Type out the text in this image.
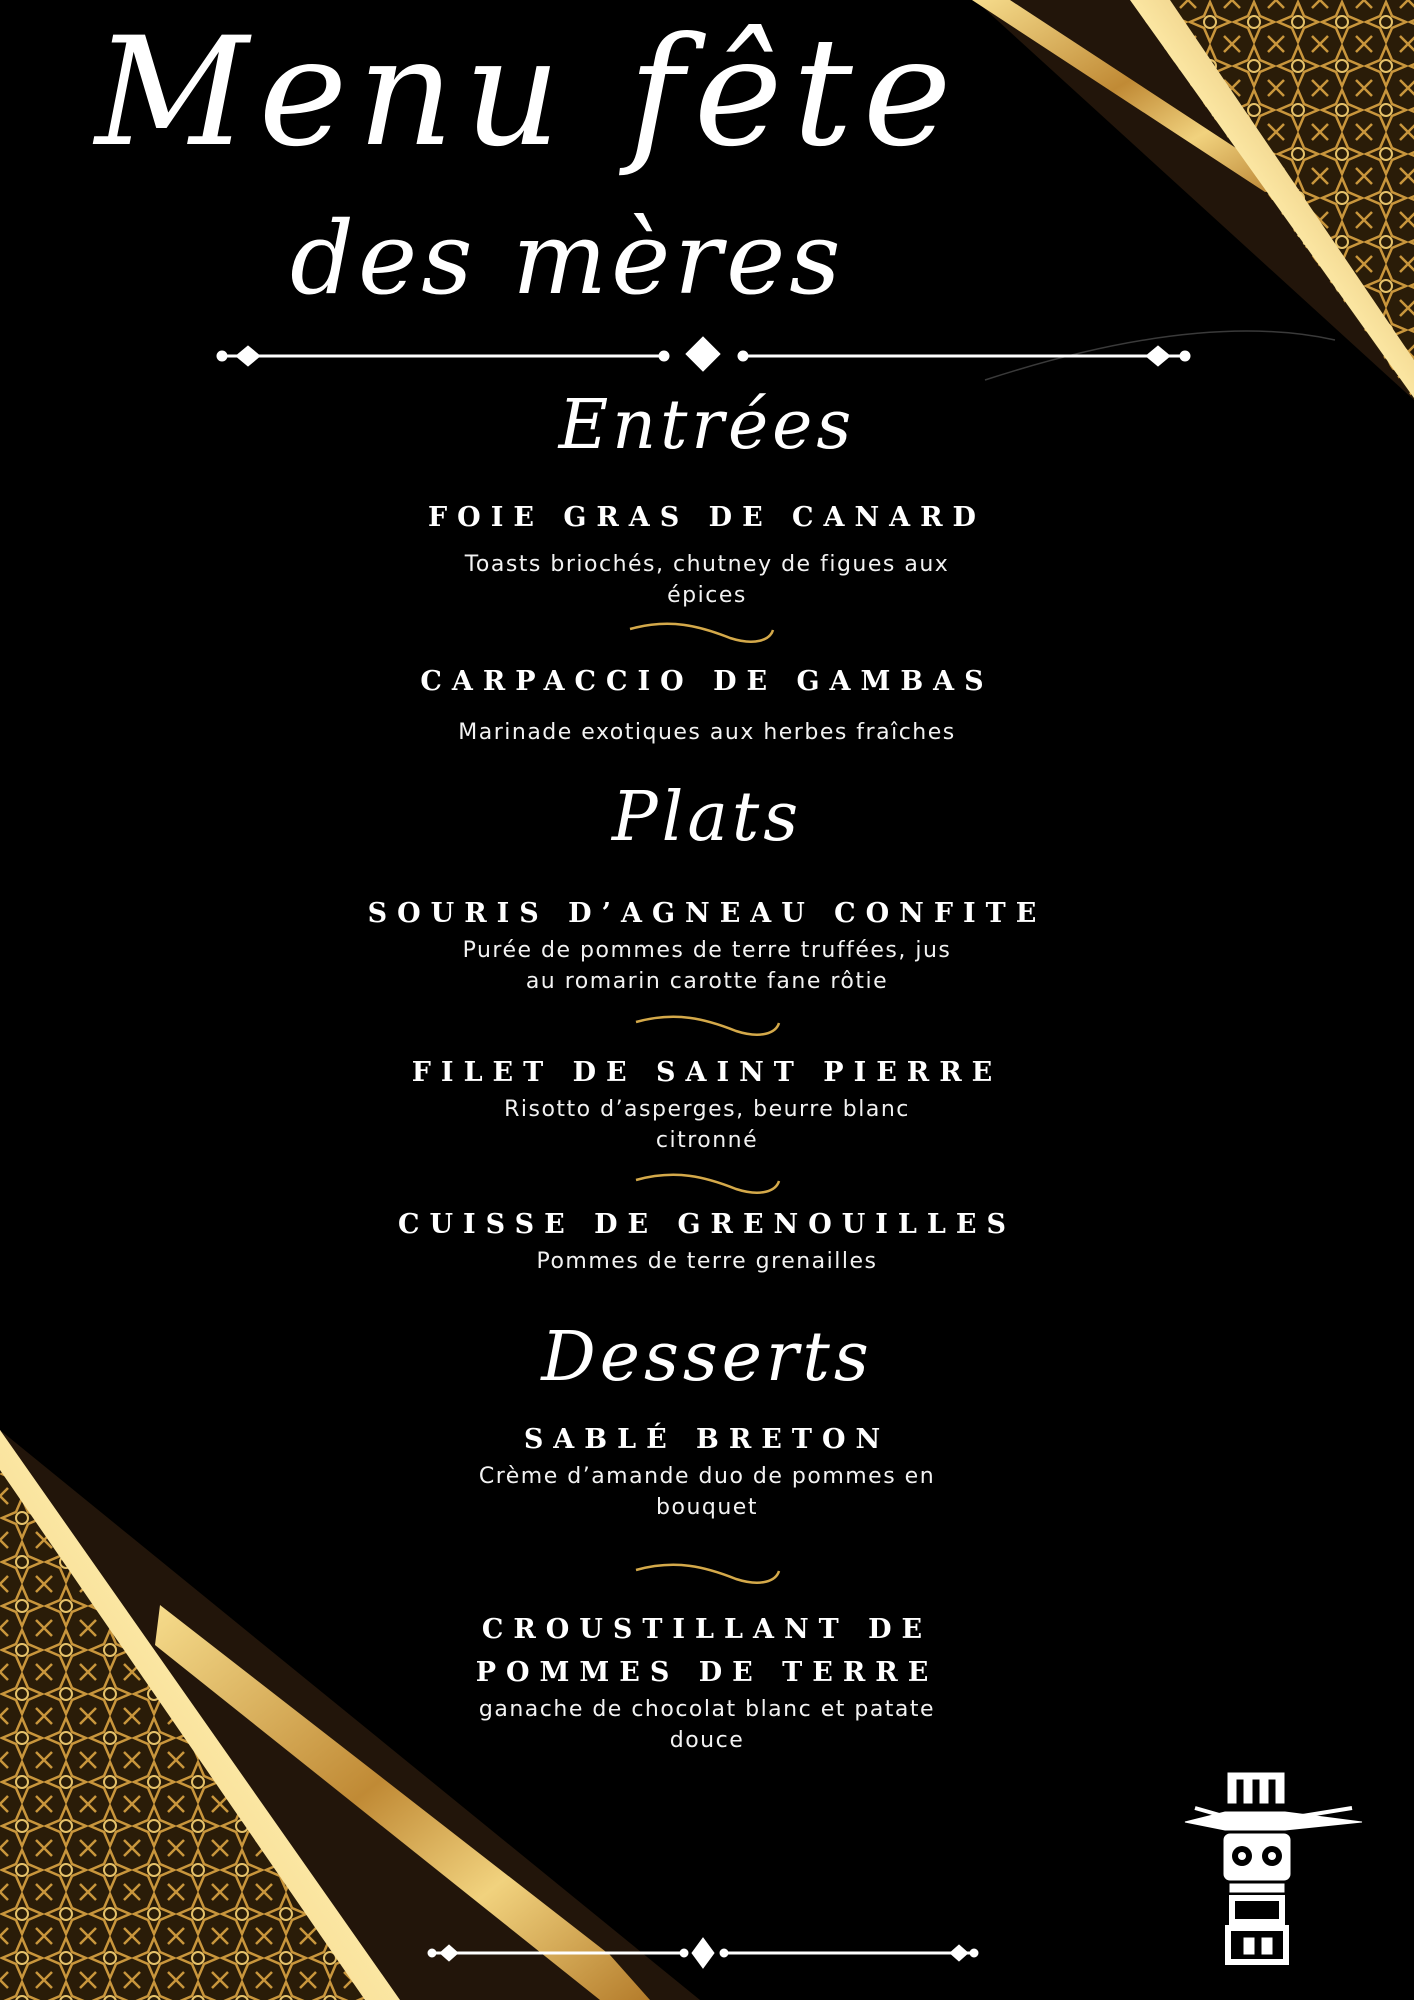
Menu fête
des mères
Entrées
FOIE GRAS DE CANARD
Toasts briochés, chutney de figues aux épices
CARPACCIO DE GAMBAS
Marinade exotiques aux herbes fraîches
Plats
SOURIS D’AGNEAU CONFITE
Purée de pommes de terre truffées, jus au romarin carotte fane rôtie
FILET DE SAINT PIERRE
Risotto d’asperges, beurre blanc citronné
CUISSE DE GRENOUILLES
Pommes de terre grenailles
Desserts
SABLÉ BRETON
Crème d’amande duo de pommes en bouquet
CROUSTILLANT DE POMMES DE TERRE
ganache de chocolat blanc et patate douce
